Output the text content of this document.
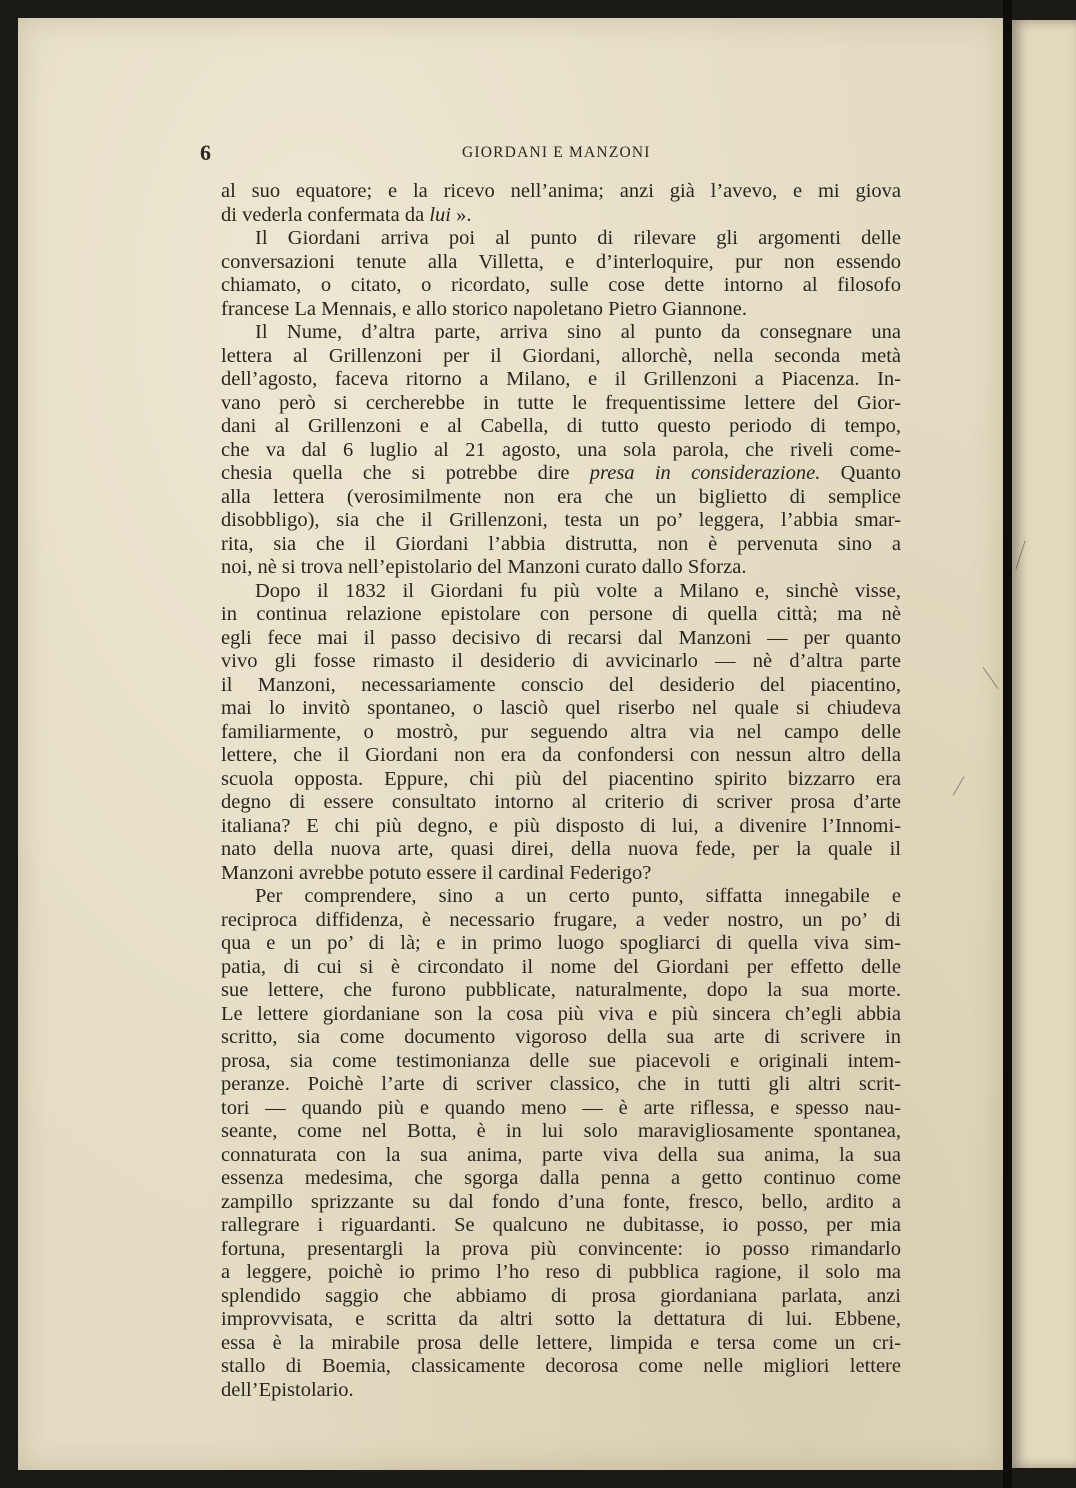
6	GIORDANI E MANZONI
al suo equatore; e la ricevo nell’anima; anzi già l’avevo, e mi giova
di vederla confermata da lui ».
Il Giordani arriva poi al punto di rilevare gli argomenti delle
conversazioni tenute alla Villetta, e d’interloquire, pur non essendo
chiamato, o citato, o ricordato, sulle cose dette intorno al filosofo
francese La Mennais, e allo storico napoletano Pietro Giannone.
Il Nume, d’altra parte, arriva sino al punto da consegnare una
lettera al Grillenzoni per il Giordani, allorchè, nella seconda metà
dell’agosto, faceva ritorno a Milano, e il Grillenzoni a Piacenza. In-
vano però si cercherebbe in tutte le frequentissime lettere del Gior-
dani al Grillenzoni e al Cabella, di tutto questo periodo di tempo,
che va dal 6 luglio al 21 agosto, una sola parola, che riveli come-
chesia quella che si potrebbe dire presa in considerazione. Quanto
alla lettera (verosimilmente non era che un biglietto di semplice
disobbligo), sia che il Grillenzoni, testa un po’ leggera, l’abbia smar-
rita, sia che il Giordani l’abbia distrutta, non è pervenuta sino a
noi, nè si trova nell’epistolario del Manzoni curato dallo Sforza.
Dopo il 1832 il Giordani fu più volte a Milano e, sinchè visse,
in continua relazione epistolare con persone di quella città; ma nè
egli fece mai il passo decisivo di recarsi dal Manzoni — per quanto
vivo gli fosse rimasto il desiderio di avvicinarlo — nè d’altra parte
il Manzoni, necessariamente conscio del desiderio del piacentino,
mai lo invitò spontaneo, o lasciò quel riserbo nel quale si chiudeva
familiarmente, o mostrò, pur seguendo altra via nel campo delle
lettere, che il Giordani non era da confondersi con nessun altro della
scuola opposta. Eppure, chi più del piacentino spirito bizzarro era
degno di essere consultato intorno al criterio di scriver prosa d’arte
italiana? E chi più degno, e più disposto di lui, a divenire l’Innomi-
nato della nuova arte, quasi direi, della nuova fede, per la quale il
Manzoni avrebbe potuto essere il cardinal Federigo?
Per comprendere, sino a un certo punto, siffatta innegabile e
reciproca diffidenza, è necessario frugare, a veder nostro, un po’ di
qua e un po’ di là; e in primo luogo spogliarci di quella viva sim-
patia, di cui si è circondato il nome del Giordani per effetto delle
sue lettere, che furono pubblicate, naturalmente, dopo la sua morte.
Le lettere giordaniane son la cosa più viva e più sincera ch’egli abbia
scritto, sia come documento vigoroso della sua arte di scrivere in
prosa, sia come testimonianza delle sue piacevoli e originali intem-
peranze. Poichè l’arte di scriver classico, che in tutti gli altri scrit-
tori — quando più e quando meno — è arte riflessa, e spesso nau-
seante, come nel Botta, è in lui solo maravigliosamente spontanea,
connaturata con la sua anima, parte viva della sua anima, la sua
essenza medesima, che sgorga dalla penna a getto continuo come
zampillo sprizzante su dal fondo d’una fonte, fresco, bello, ardito a
rallegrare i riguardanti. Se qualcuno ne dubitasse, io posso, per mia
fortuna, presentargli la prova più convincente: io posso rimandarlo
a leggere, poichè io primo l’ho reso di pubblica ragione, il solo ma
splendido saggio che abbiamo di prosa giordaniana parlata, anzi
improvvisata, e scritta da altri sotto la dettatura di lui. Ebbene,
essa è la mirabile prosa delle lettere, limpida e tersa come un cri-
stallo di Boemia, classicamente decorosa come nelle migliori lettere
dell’Epistolario.
